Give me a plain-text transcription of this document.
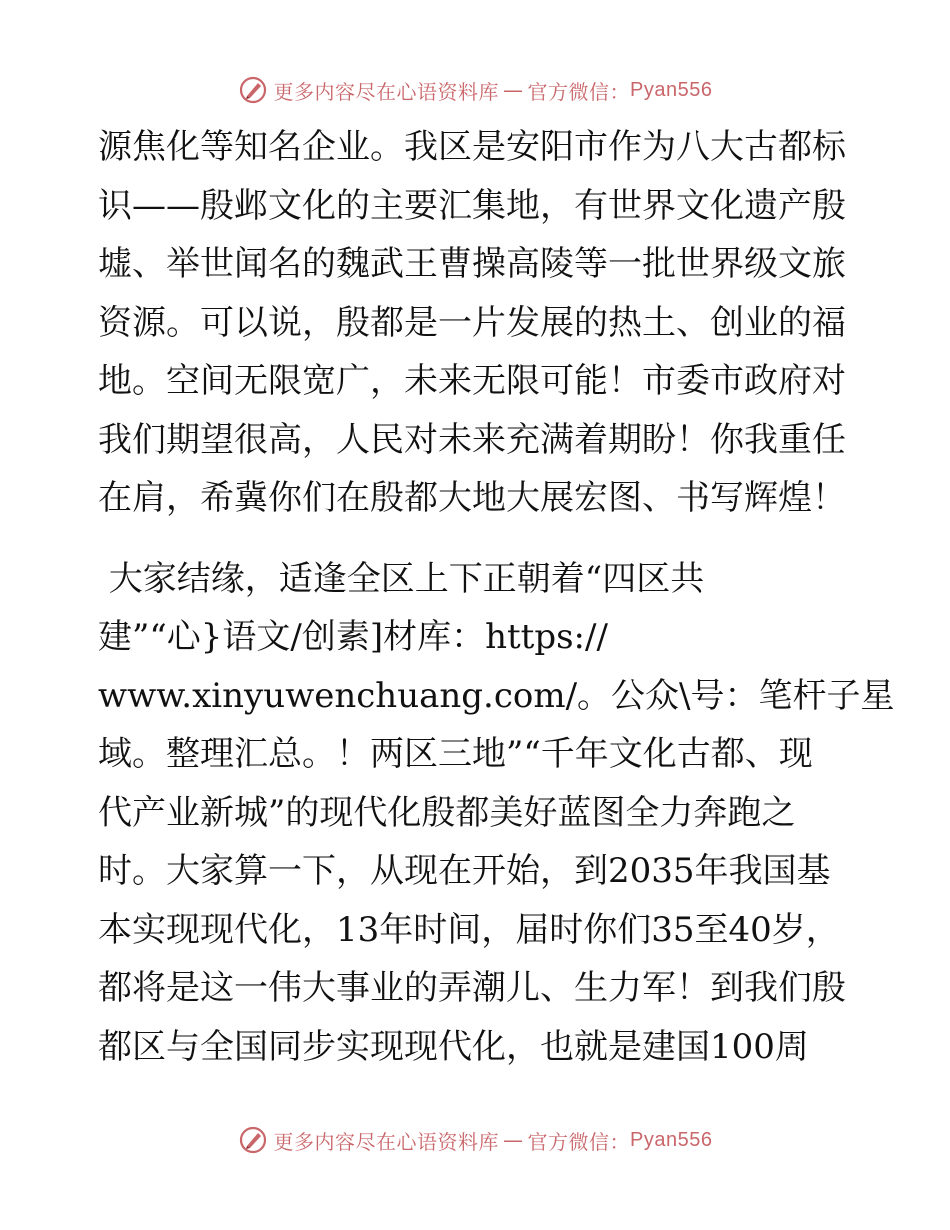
更多内容尽在心语资料库 — 官方微信： Pyan556

源焦化等知名企业。我区是安阳市作为八大古都标

识——殷邺文化的主要汇集地，有世界文化遗产殷

墟、举世闻名的魏武王曹操高陵等一批世界级文旅

资源。可以说，殷都是一片发展的热土、创业的福

地。空间无限宽广，未来无限可能！市委市政府对

我们期望很高，人民对未来充满着期盼！你我重任

在肩，希冀你们在殷都大地大展宏图、书写辉煌！

大家结缘，适逢全区上下正朝着“四区共

建”“心}语文/创素]材库：https://

www.xinyuwenchuang.com/。公众\号：笔杆子星

域。整理汇总。！两区三地”“千年文化古都、现

代产业新城”的现代化殷都美好蓝图全力奔跑之

时。大家算一下，从现在开始，到2035年我国基

本实现现代化，13年时间，届时你们35至40岁，

都将是这一伟大事业的弄潮儿、生力军！到我们殷

都区与全国同步实现现代化，也就是建国100周

更多内容尽在心语资料库 — 官方微信： Pyan556
